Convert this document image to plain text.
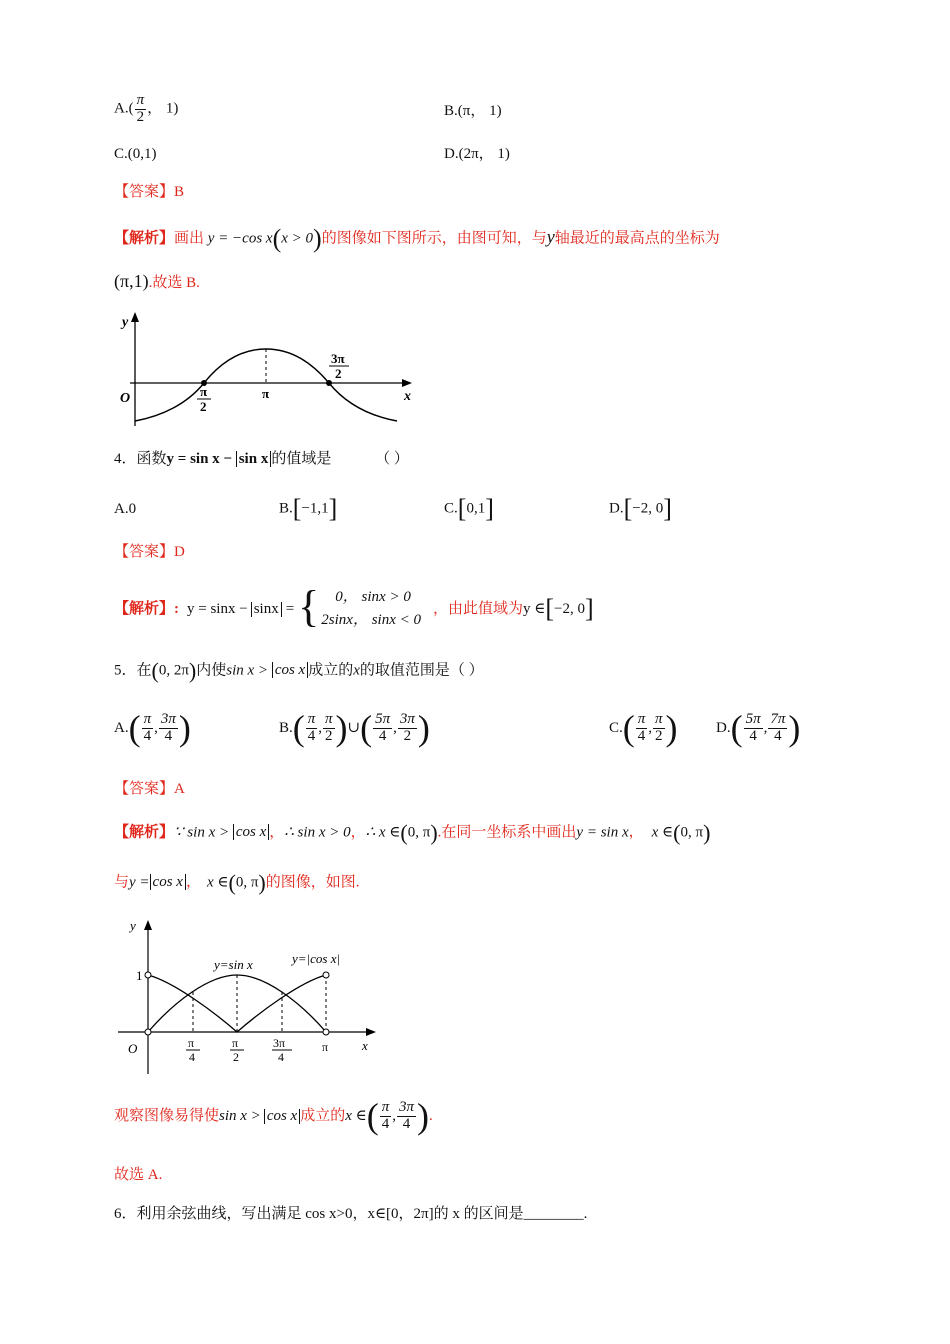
$A.( \frac{\pi}{2}$ ， 1)	B.(π， 1)
C.(0,1)	D.(2π， 1)
【答案】B
【解析】画出 y = −cos x(x > 0)的图像如下图所示，由图可知，与y轴最近的最高点的坐标为
(π,1).故选 B.
y
x
O	π
2
π
3π
2
4．函数y = sin x − sin x 的值域是	（ ）
A.0	B.[−1,1]	C.[0,1]	D.[−2, 0]
【答案】D
【解析】: y = sinx − sinx = {	0， sinx > 0
2sinx， sinx < 0
，由此值域为 y ∈ [ −2, 0 ]
5．在(0, 2π)内使sin x > cos x 成立的x的取值范围是（ ）
A. ( $\frac{\pi}{4}$ , $\frac{3\pi}{4}$ )	B. ( $\frac{\pi}{4}$ , $\frac{\pi}{2}$ ) ∪ ( $\frac{5\pi}{4}$ , $\frac{3\pi}{2}$ )	C. ( $\frac{\pi}{4}$ , $\frac{\pi}{2}$ )	D. ( $\frac{5\pi}{4}$ , $\frac{7\pi}{4}$ )
【答案】A
【解析】∵ sin x > cos x ，∴ sin x > 0，∴ x ∈(0, π).在同一坐标系中画出y = sin x， x ∈(0, π)
与y = cos x ， x ∈(0, π)的图像，如图.
y
x
O
1
y=sin x	y=|cos x|
π
4
π
2
3π
4
π
观察图像易得使 sin x > cos x 成立的 x ∈ ( $\frac{\pi}{4}$ , $\frac{3\pi}{4}$ ) .
故选 A.
6．利用余弦曲线，写出满足 cos x>0，x∈[0，2π]的 x 的区间是________.
